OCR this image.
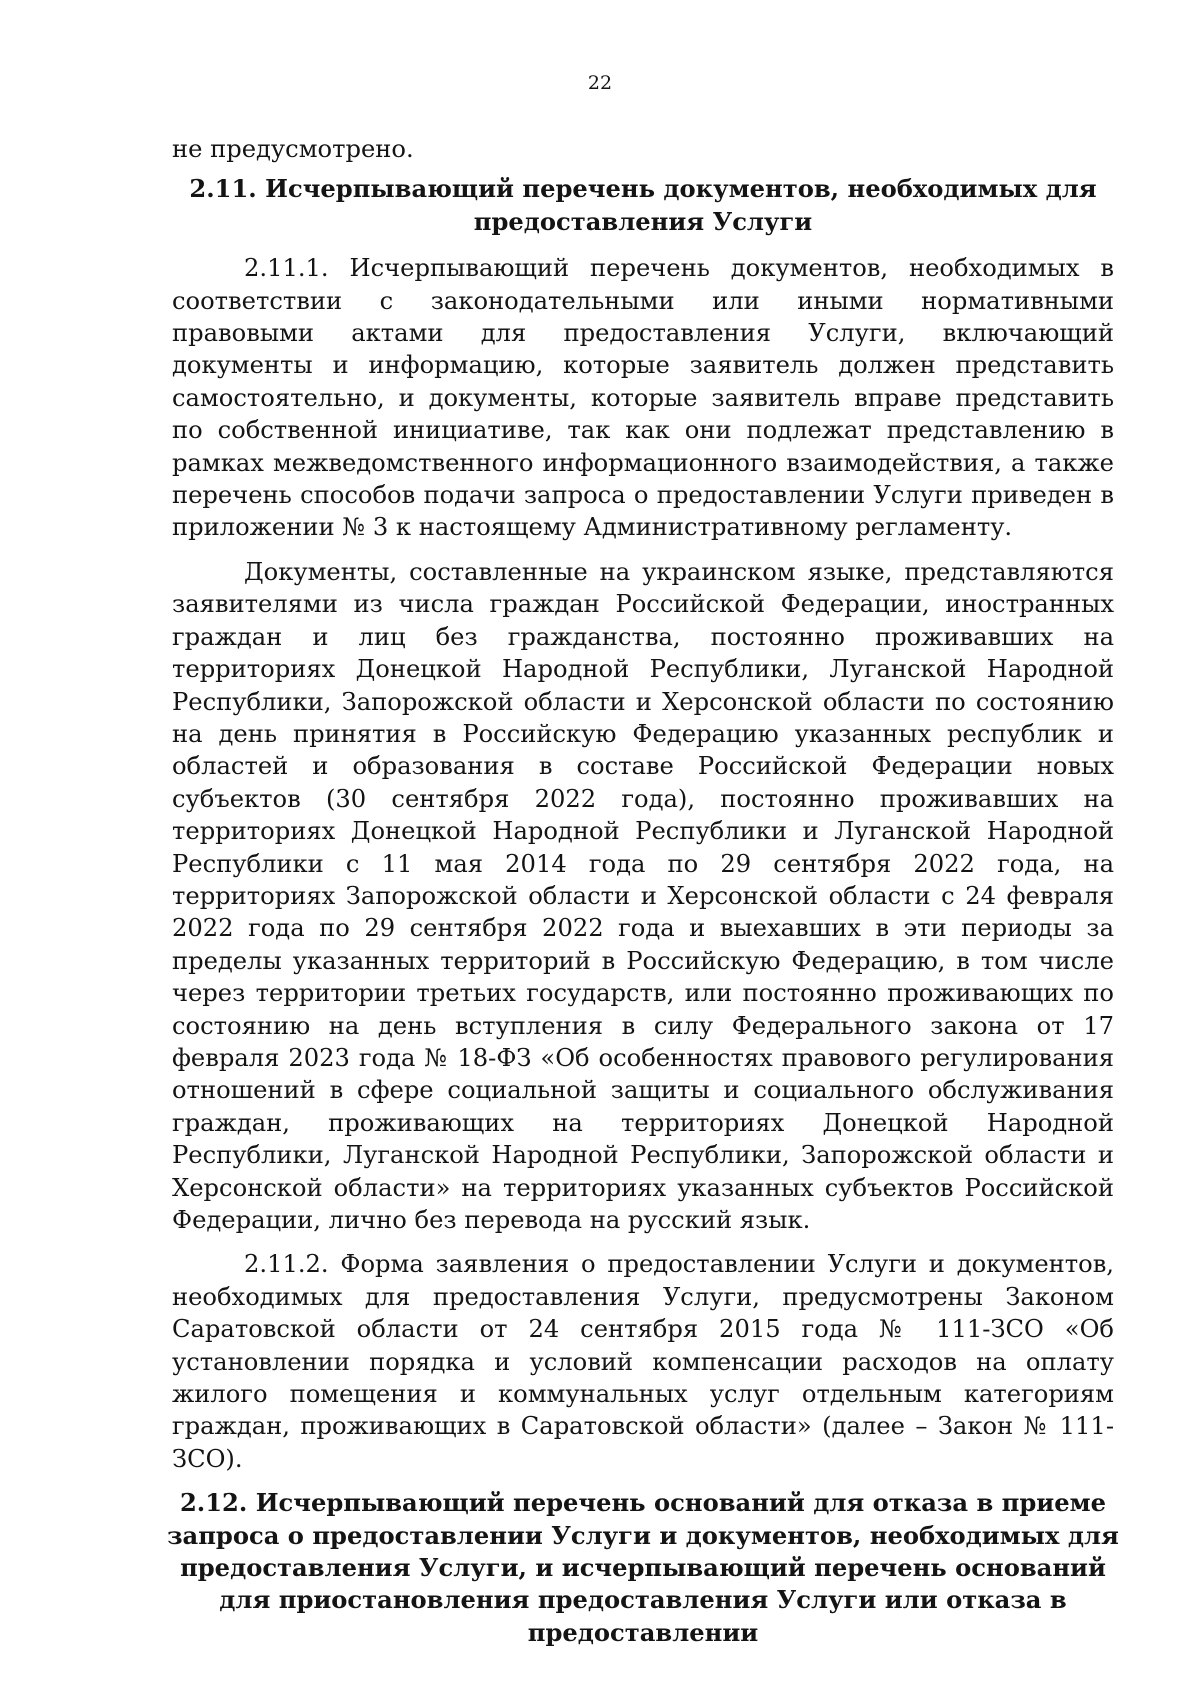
22

не предусмотрено.

2.11. Исчерпывающий перечень документов, необходимых для предоставления Услуги

2.11.1. Исчерпывающий перечень документов, необходимых в соответствии с законодательными или иными нормативными правовыми актами для предоставления Услуги, включающий документы и информацию, которые заявитель должен представить самостоятельно, и документы, которые заявитель вправе представить по собственной инициативе, так как они подлежат представлению в рамках межведомственного информационного взаимодействия, а также перечень способов подачи запроса о предоставлении Услуги приведен в приложении № 3 к настоящему Административному регламенту.

Документы, составленные на украинском языке, представляются заявителями из числа граждан Российской Федерации, иностранных граждан и лиц без гражданства, постоянно проживавших на территориях Донецкой Народной Республики, Луганской Народной Республики, Запорожской области и Херсонской области по состоянию на день принятия в Российскую Федерацию указанных республик и областей и образования в составе Российской Федерации новых субъектов (30 сентября 2022 года), постоянно проживавших на территориях Донецкой Народной Республики и Луганской Народной Республики с 11 мая 2014 года по 29 сентября 2022 года, на территориях Запорожской области и Херсонской области с 24 февраля 2022 года по 29 сентября 2022 года и выехавших в эти периоды за пределы указанных территорий в Российскую Федерацию, в том числе через территории третьих государств, или постоянно проживающих по состоянию на день вступления в силу Федерального закона от 17 февраля 2023 года № 18-ФЗ «Об особенностях правового регулирования отношений в сфере социальной защиты и социального обслуживания граждан, проживающих на территориях Донецкой Народной Республики, Луганской Народной Республики, Запорожской области и Херсонской области» на территориях указанных субъектов Российской Федерации, лично без перевода на русский язык.

2.11.2. Форма заявления о предоставлении Услуги и документов, необходимых для предоставления Услуги, предусмотрены Законом Саратовской области от 24 сентября 2015 года № 111-ЗСО «Об установлении порядка и условий компенсации расходов на оплату жилого помещения и коммунальных услуг отдельным категориям граждан, проживающих в Саратовской области» (далее – Закон № 111-ЗСО).

2.12. Исчерпывающий перечень оснований для отказа в приеме запроса о предоставлении Услуги и документов, необходимых для предоставления Услуги, и исчерпывающий перечень оснований для приостановления предоставления Услуги или отказа в предоставлении
